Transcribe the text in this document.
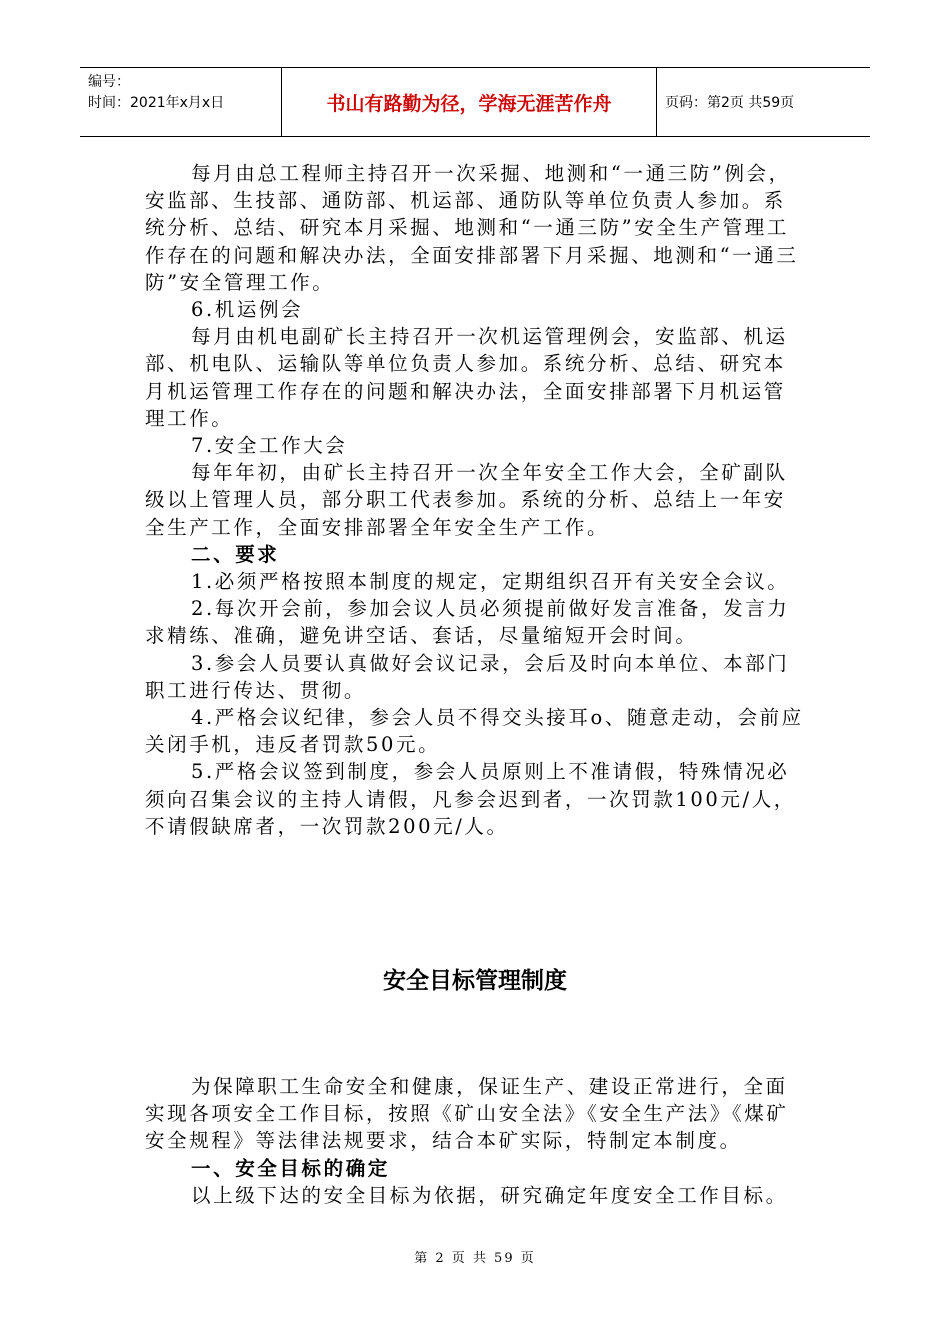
编号：
时间：2021年x月x日	书山有路勤为径，学海无涯苦作舟	页码：第2页 共59页

每月由总工程师主持召开一次采掘、地测和“一通三防”例会，安监部、生技部、通防部、机运部、通防队等单位负责人参加。系统分析、总结、研究本月采掘、地测和“一通三防”安全生产管理工作存在的问题和解决办法，全面安排部署下月采掘、地测和“一通三防”安全管理工作。

6.机运例会

每月由机电副矿长主持召开一次机运管理例会，安监部、机运部、机电队、运输队等单位负责人参加。系统分析、总结、研究本月机运管理工作存在的问题和解决办法，全面安排部署下月机运管理工作。

7.安全工作大会

每年年初，由矿长主持召开一次全年安全工作大会，全矿副队级以上管理人员，部分职工代表参加。系统的分析、总结上一年安全生产工作，全面安排部署全年安全生产工作。

二、要求

1.必须严格按照本制度的规定，定期组织召开有关安全会议。

2.每次开会前，参加会议人员必须提前做好发言准备，发言力求精练、准确，避免讲空话、套话，尽量缩短开会时间。

3.参会人员要认真做好会议记录，会后及时向本单位、本部门职工进行传达、贯彻。

4.严格会议纪律，参会人员不得交头接耳o、随意走动，会前应关闭手机，违反者罚款50元。

5.严格会议签到制度，参会人员原则上不准请假，特殊情况必须向召集会议的主持人请假，凡参会迟到者，一次罚款100元/人，不请假缺席者，一次罚款200元/人。

安全目标管理制度

为保障职工生命安全和健康，保证生产、建设正常进行，全面实现各项安全工作目标，按照《矿山安全法》《安全生产法》《煤矿安全规程》等法律法规要求，结合本矿实际，特制定本制度。

一、安全目标的确定

以上级下达的安全目标为依据，研究确定年度安全工作目标。

第 2 页 共 59 页
